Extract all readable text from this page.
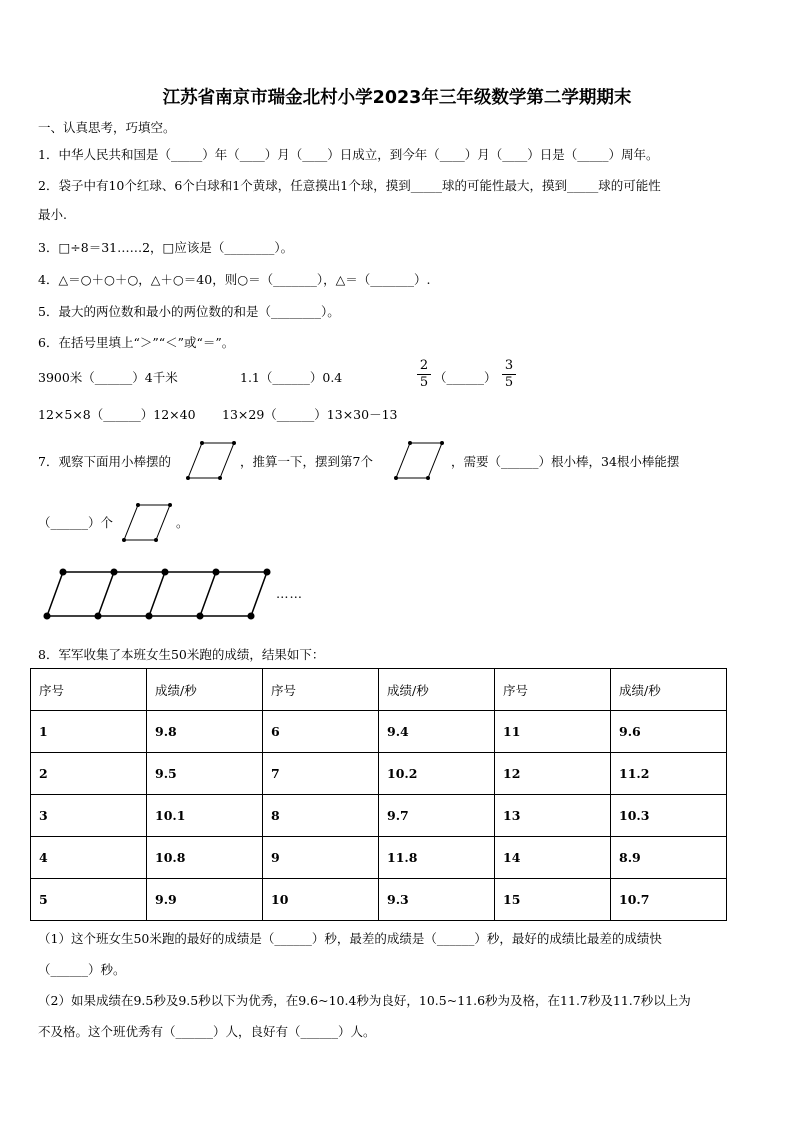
江苏省南京市瑞金北村小学2023年三年级数学第二学期期末
一、认真思考，巧填空。
1．中华人民共和国是（_____）年（____）月（____）日成立，到今年（____）月（____）日是（_____）周年。
2．袋子中有10个红球、6个白球和1个黄球，任意摸出1个球，摸到_____球的可能性最大，摸到_____球的可能性
最小.
3．□÷8＝31……2，□应该是（________）。
4．△＝○＋○＋○，△＋○＝40，则○＝（_______），△＝（_______）.
5．最大的两位数和最小的两位数的和是（________）。
6．在括号里填上“＞”“＜”或“＝”。
3900米（______）4千米	1.1（______）0.4
2
5 （______）
3
5
12×5×8（______）12×40 13×29（______）13×30－13
7．观察下面用小棒摆的	，推算一下，摆到第7个	，需要（______）根小棒，34根小棒能摆
（______）个	。
……
8．军军收集了本班女生50米跑的成绩，结果如下：
序号	成绩/秒	序号	成绩/秒	序号	成绩/秒
1	9.8	6	9.4	11	9.6
2	9.5	7	10.2	12	11.2
3	10.1	8	9.7	13	10.3
4	10.8	9	11.8	14	8.9
5	9.9	10	9.3	15	10.7
（1）这个班女生50米跑的最好的成绩是（______）秒，最差的成绩是（______）秒，最好的成绩比最差的成绩快
（______）秒。
（2）如果成绩在9.5秒及9.5秒以下为优秀，在9.6~10.4秒为良好，10.5~11.6秒为及格，在11.7秒及11.7秒以上为
不及格。这个班优秀有（______）人，良好有（______）人。
